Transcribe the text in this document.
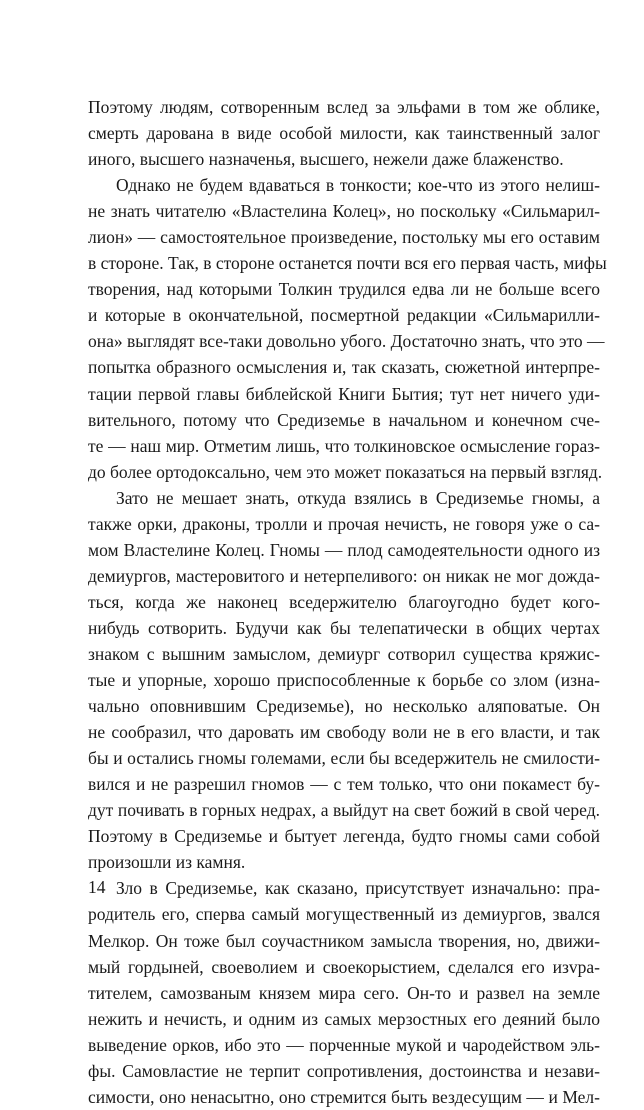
Поэтому людям, сотворенным вслед за эльфами в том же облике,
смерть дарована в виде особой милости, как таинственный залог
иного, высшего назначенья, высшего, нежели даже блаженство.
Однако не будем вдаваться в тонкости; кое-что из этого нелиш-
не знать читателю «Властелина Колец», но поскольку «Сильмарил-
лион» — самостоятельное произведение, постольку мы его оставим
в стороне. Так, в стороне останется почти вся его первая часть, мифы
творения, над которыми Толкин трудился едва ли не больше всего
и которые в окончательной, посмертной редакции «Сильмарилли-
она» выглядят все-таки довольно убого. Достаточно знать, что это —
попытка образного осмысления и, так сказать, сюжетной интерпре-
тации первой главы библейской Книги Бытия; тут нет ничего уди-
вительного, потому что Средиземье в начальном и конечном сче-
те — наш мир. Отметим лишь, что толкиновское осмысление гораз-
до более ортодоксально, чем это может показаться на первый взгляд.
Зато не мешает знать, откуда взялись в Средиземье гномы, а
также орки, драконы, тролли и прочая нечисть, не говоря уже о са-
мом Властелине Колец. Гномы — плод самодеятельности одного из
демиургов, мастеровитого и нетерпеливого: он никак не мог дожда-
ться, когда же наконец вседержителю благоугодно будет кого-
нибудь сотворить. Будучи как бы телепатически в общих чертах
знаком с вышним замыслом, демиург сотворил существа кряжис-
тые и упорные, хорошо приспособленные к борьбе со злом (изна-
чально оповнившим Средиземье), но несколько аляповатые. Он
не сообразил, что даровать им свободу воли не в его власти, и так
бы и остались гномы големами, если бы вседержитель не смилости-
вился и не разрешил гномов — с тем только, что они покамест бу-
дут почивать в горных недрах, а выйдут на свет божий в свой черед.
Поэтому в Средиземье и бытует легенда, будто гномы сами собой
произошли из камня.
Зло в Средиземье, как сказано, присутствует изначально: пра-
родитель его, сперва самый могущественный из демиургов, звался
Мелкор. Он тоже был соучастником замысла творения, но, движи-
мый гордыней, своеволием и своекорыстием, сделался его изvра-
тителем, самозваным князем мира сего. Он-то и развел на земле
нежить и нечисть, и одним из самых мерзостных его деяний было
выведение орков, ибо это — порченные мукой и чародейством эль-
фы. Самовластие не терпит сопротивления, достоинства и незави-
симости, оно ненасытно, оно стремится быть вездесущим — и Мел-
14
